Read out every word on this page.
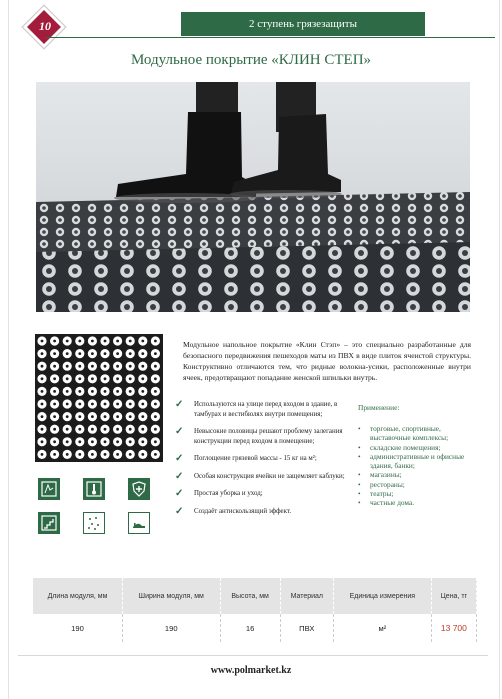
10	2 ступень грязезащиты
Модульное покрытие «КЛИН СТЕП»

Модульное напольное покрытие «Клин Стэп» – это специально разработанные для безопасного передвижения пешеходов маты из ПВХ в виде плиток ячеистой структуры. Конструктивно отличаются тем, что ридные волокна-усики, расположенные внутри ячеек, предотвращают попадание женской шпильки внутрь.

✓ Используются на улице перед входом в здание, в тамбурах и вестибюлях внутри помещения;
✓ Невысокие половицы решают проблему залегания конструкции перед входом в помещение;
✓ Поглощение грязевой массы - 15 кг на м²;
✓ Особая конструкция ячейки не защемляет каблуки;
✓ Простая уборка и уход;
✓ Создаёт антискользящий эффект.
Применение:
• торговые, спортивные, выставочные комплексы;
• складские помещения;
• административные и офисные здания, банки;
• магазины;
• рестораны;
• театры;
• частные дома.
Длина модуля, мм	Ширина модуля, мм	Высота, мм	Материал	Единица измерения	Цена, тг
190	190	16	ПВХ	м²	13 700
www.polmarket.kz
